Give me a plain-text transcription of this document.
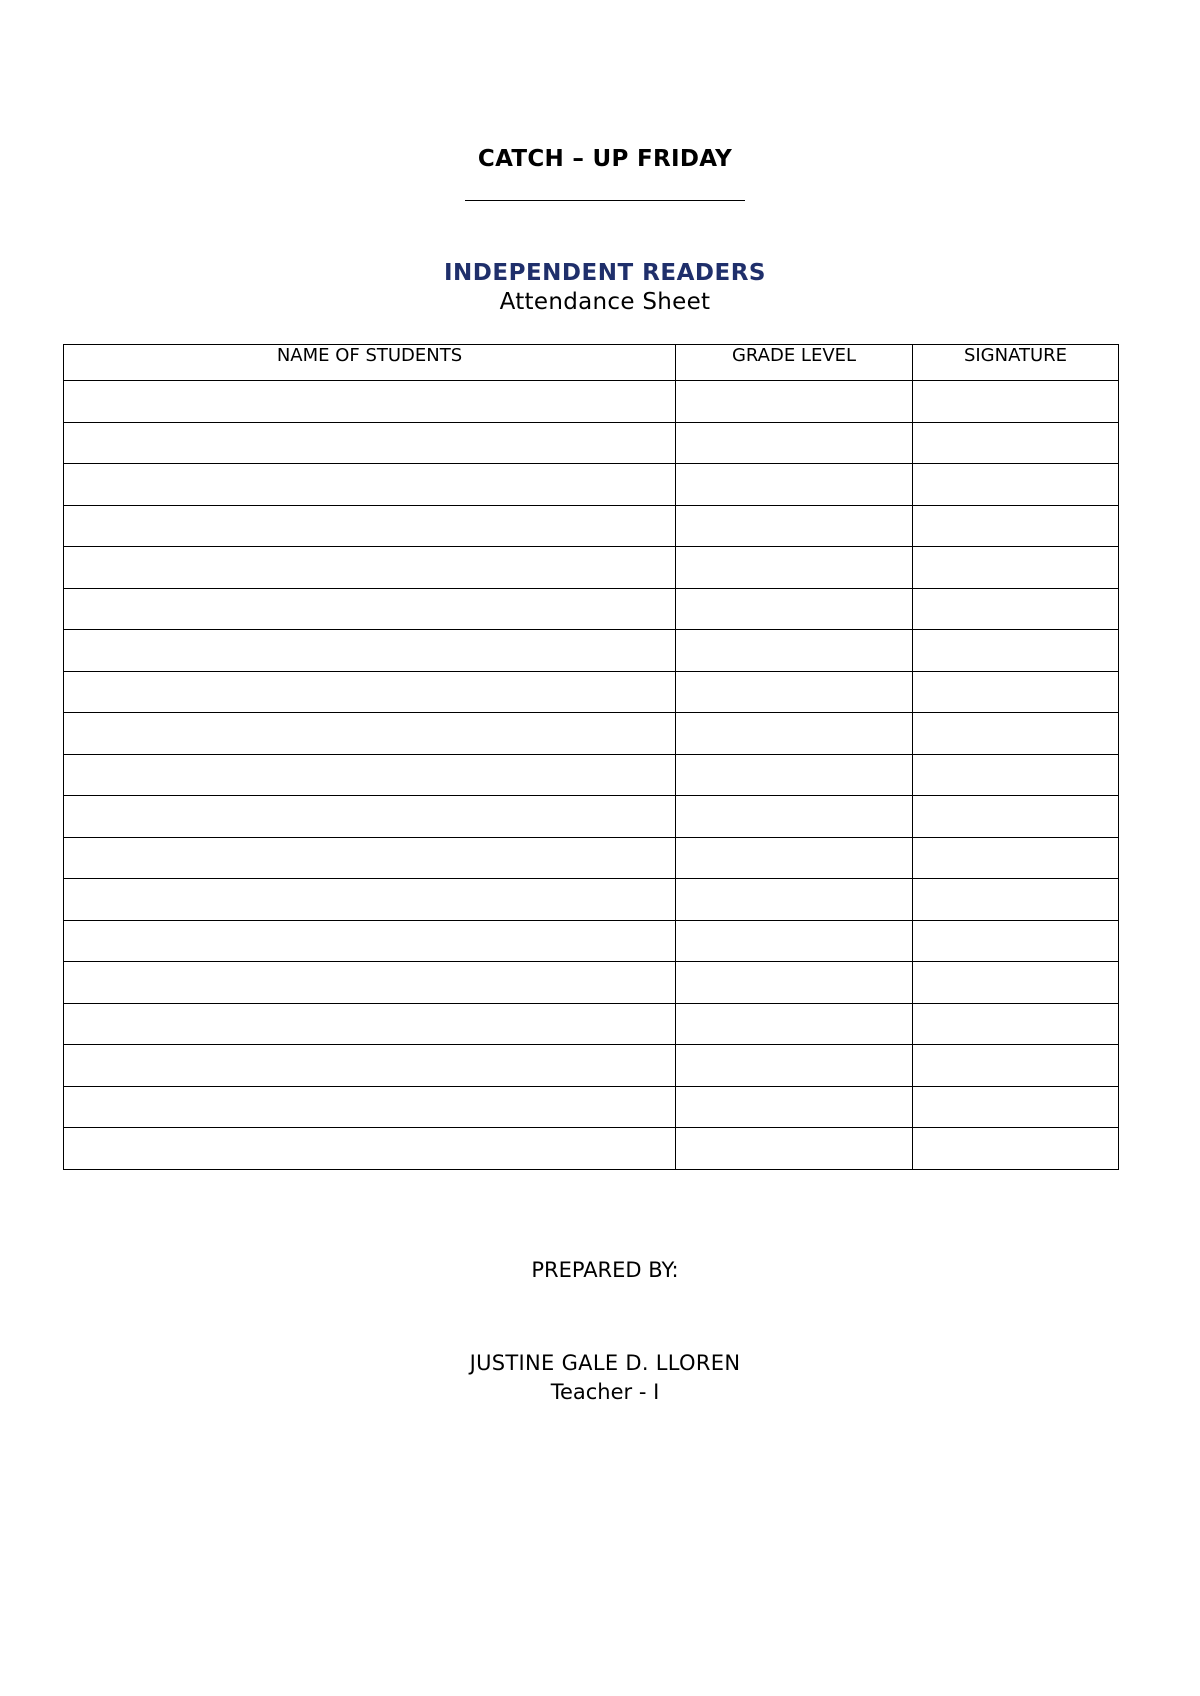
CATCH – UP FRIDAY
INDEPENDENT READERS
Attendance Sheet
NAME OF STUDENTS	GRADE LEVEL	SIGNATURE

PREPARED BY:
JUSTINE GALE D. LLOREN
Teacher - I
